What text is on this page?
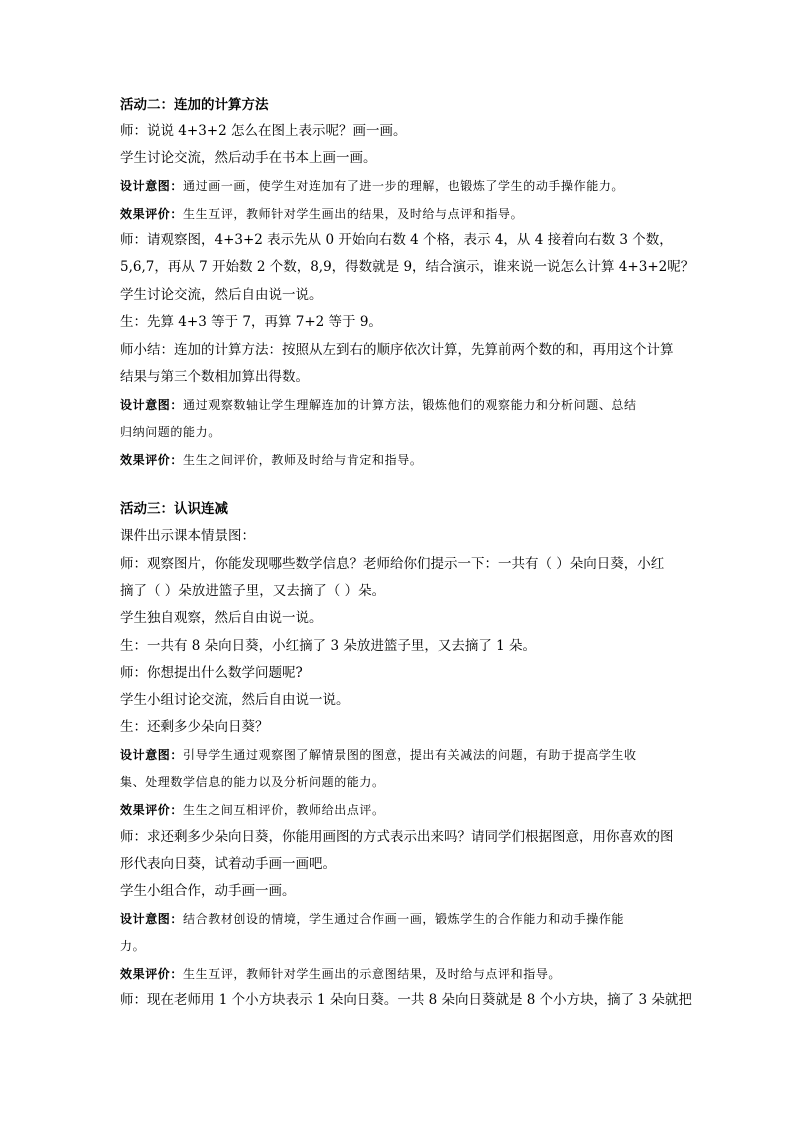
活动二：连加的计算方法
师：说说 4+3+2 怎么在图上表示呢？画一画。
学生讨论交流，然后动手在书本上画一画。
设计意图：通过画一画，使学生对连加有了进一步的理解，也锻炼了学生的动手操作能力。
效果评价：生生互评，教师针对学生画出的结果，及时给与点评和指导。
师：请观察图，4+3+2 表示先从 0 开始向右数 4 个格，表示 4，从 4 接着向右数 3 个数，
5,6,7，再从 7 开始数 2 个数，8,9，得数就是 9，结合演示，谁来说一说怎么计算 4+3+2呢？
学生讨论交流，然后自由说一说。
生：先算 4+3 等于 7，再算 7+2 等于 9。
师小结：连加的计算方法：按照从左到右的顺序依次计算，先算前两个数的和，再用这个计算
结果与第三个数相加算出得数。
设计意图：通过观察数轴让学生理解连加的计算方法，锻炼他们的观察能力和分析问题、总结
归纳问题的能力。
效果评价：生生之间评价，教师及时给与肯定和指导。
活动三：认识连减
课件出示课本情景图：
师：观察图片，你能发现哪些数学信息？老师给你们提示一下：一共有（ ）朵向日葵，小红
摘了（ ）朵放进篮子里，又去摘了（ ）朵。
学生独自观察，然后自由说一说。
生：一共有 8 朵向日葵，小红摘了 3 朵放进篮子里，又去摘了 1 朵。
师：你想提出什么数学问题呢?
学生小组讨论交流，然后自由说一说。
生：还剩多少朵向日葵？
设计意图：引导学生通过观察图了解情景图的图意，提出有关减法的问题，有助于提高学生收
集、处理数学信息的能力以及分析问题的能力。
效果评价：生生之间互相评价，教师给出点评。
师：求还剩多少朵向日葵，你能用画图的方式表示出来吗？请同学们根据图意，用你喜欢的图
形代表向日葵，试着动手画一画吧。
学生小组合作，动手画一画。
设计意图：结合教材创设的情境，学生通过合作画一画，锻炼学生的合作能力和动手操作能
力。
效果评价：生生互评，教师针对学生画出的示意图结果，及时给与点评和指导。
师：现在老师用 1 个小方块表示 1 朵向日葵。一共 8 朵向日葵就是 8 个小方块，摘了 3 朵就把
